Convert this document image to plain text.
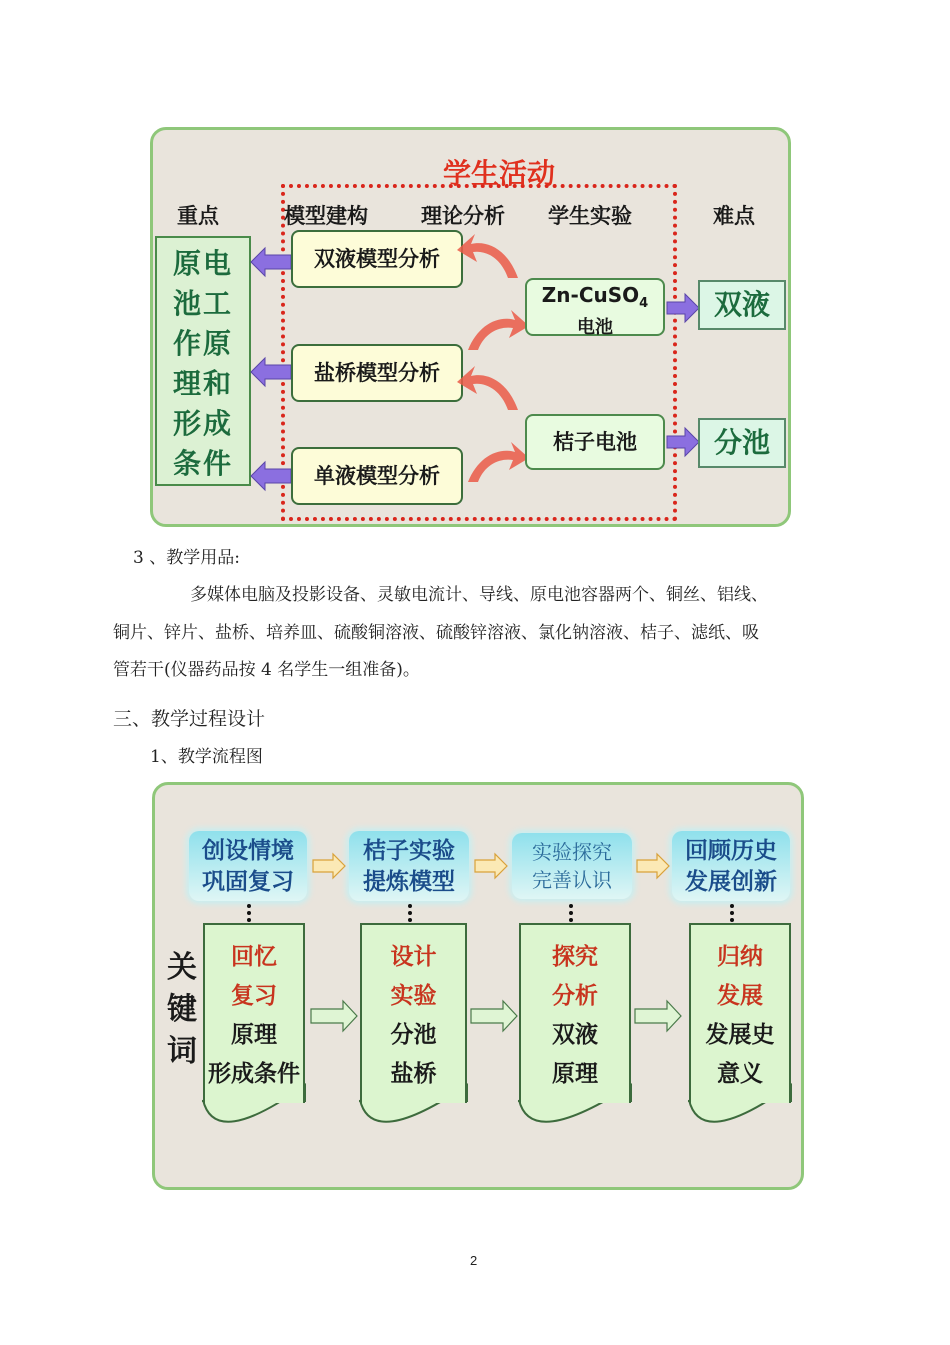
学生活动
重点	模型建构	理论分析 学生实验	难点
原电池工作原理和形成条件
双液模型分析
盐桥模型分析
单液模型分析
Zn-CuSO$_4$
电池
桔子电池
双液
分池
3 、教学用品:
多媒体电脑及投影设备、灵敏电流计、导线、原电池容器两个、铜丝、铝线、
铜片、锌片、盐桥、培养皿、硫酸铜溶液、硫酸锌溶液、氯化钠溶液、桔子、滤纸、吸
管若干(仪器药品按 4 名学生一组准备)。
三、教学过程设计
1、教学流程图
关键词
创设情境
巩固复习
桔子实验
提炼模型
实验探究
完善认识
回顾历史
发展创新
回忆
复习
原理
形成条件
设计
实验
分池
盐桥
探究
分析
双液
原理
归纳
发展
发展史
意义
2
